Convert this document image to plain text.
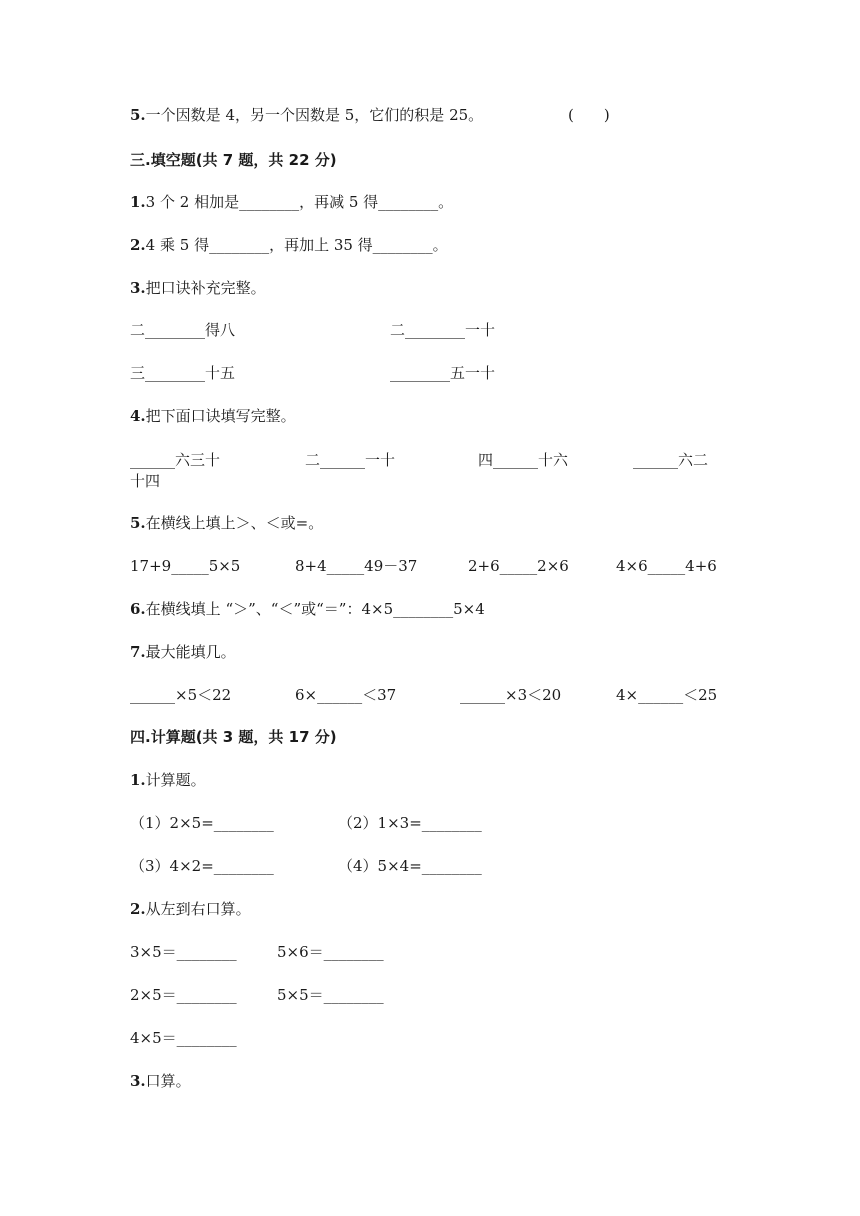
5.一个因数是 4，另一个因数是 5，它们的积是 25。	(　　)
三.填空题(共 7 题，共 22 分)
1.3 个 2 相加是________，再减 5 得________。
2.4 乘 5 得________，再加上 35 得________。
3.把口诀补充完整。
二________得八	二________一十
三________十五	________五一十
4.把下面口诀填写完整。
______六三十	二______一十	四______十六	______六二
十四
5.在横线上填上＞、＜或=。
17+9_____5×5	8+4_____49－37	2+6_____2×6	4×6_____4+6
6.在横线填上 “＞”、“＜”或“＝”：4×5________5×4
7.最大能填几。
______×5＜22	6×______＜37	______×3＜20	4×______＜25
四.计算题(共 3 题，共 17 分)
1.计算题。
（1）2×5=________	（2）1×3=________
（3）4×2=________	（4）5×4=________
2.从左到右口算。
3×5＝________	5×6＝________
2×5＝________	5×5＝________
4×5＝________
3.口算。
